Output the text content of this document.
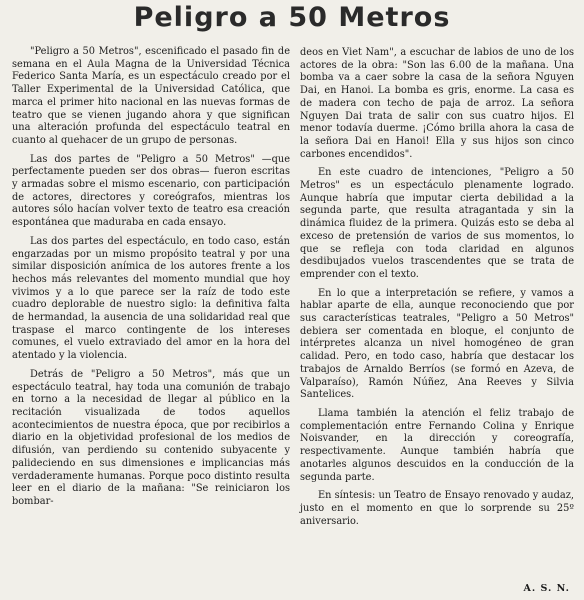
Peligro a 50 Metros

"Peligro a 50 Metros", escenificado el pasado fin de semana en el Aula Magna de la Universidad Técnica Federico Santa María, es un espectáculo creado por el Taller Experimental de la Universidad Católica, que marca el primer hito nacional en las nuevas formas de teatro que se vienen jugando ahora y que significan una alteración profunda del espectáculo teatral en cuanto al quehacer de un grupo de personas.

Las dos partes de "Peligro a 50 Metros" —que perfectamente pueden ser dos obras— fueron escritas y armadas sobre el mismo escenario, con participación de actores, directores y coreógrafos, mientras los autores sólo hacían volver texto de teatro esa creación espontánea que maduraba en cada ensayo.

Las dos partes del espectáculo, en todo caso, están engarzadas por un mismo propósito teatral y por una similar disposición anímica de los autores frente a los hechos más relevantes del momento mundial que hoy vivimos y a lo que parece ser la raíz de todo este cuadro deplorable de nuestro siglo: la definitiva falta de hermandad, la ausencia de una solidaridad real que traspase el marco contingente de los intereses comunes, el vuelo extraviado del amor en la hora del atentado y la violencia.

Detrás de "Peligro a 50 Metros", más que un espectáculo teatral, hay toda una comunión de trabajo en torno a la necesidad de llegar al público en la recitación visualizada de todos aquellos acontecimientos de nuestra época, que por recibirlos a diario en la objetividad profesional de los medios de difusión, van perdiendo su contenido subyacente y palideciendo en sus dimensiones e implicancias más verdaderamente humanas. Porque poco distinto resulta leer en el diario de la mañana: "Se reiniciaron los bombar-

deos en Viet Nam", a escuchar de labios de uno de los actores de la obra: "Son las 6.00 de la mañana. Una bomba va a caer sobre la casa de la señora Nguyen Dai, en Hanoi. La bomba es gris, enorme. La casa es de madera con techo de paja de arroz. La señora Nguyen Dai trata de salir con sus cuatro hijos. El menor todavía duerme. ¡Cómo brilla ahora la casa de la señora Dai en Hanoi! Ella y sus hijos son cinco carbones encendidos".

En este cuadro de intenciones, "Peligro a 50 Metros" es un espectáculo plenamente logrado. Aunque habría que imputar cierta debilidad a la segunda parte, que resulta atragantada y sin la dinámica fluidez de la primera. Quizás esto se deba al exceso de pretensión de varios de sus momentos, lo que se refleja con toda claridad en algunos desdibujados vuelos trascendentes que se trata de emprender con el texto.

En lo que a interpretación se refiere, y vamos a hablar aparte de ella, aunque reconociendo que por sus características teatrales, "Peligro a 50 Metros" debiera ser comentada en bloque, el conjunto de intérpretes alcanza un nivel homogéneo de gran calidad. Pero, en todo caso, habría que destacar los trabajos de Arnaldo Berríos (se formó en Azeva, de Valparaíso), Ramón Núñez, Ana Reeves y Silvia Santelices.

Llama también la atención el feliz trabajo de complementación entre Fernando Colina y Enrique Noisvander, en la dirección y coreografía, respectivamente. Aunque también habría que anotarles algunos descuidos en la conducción de la segunda parte.

En síntesis: un Teatro de Ensayo renovado y audaz, justo en el momento en que lo sorprende su 25º aniversario.

A. S. N.
